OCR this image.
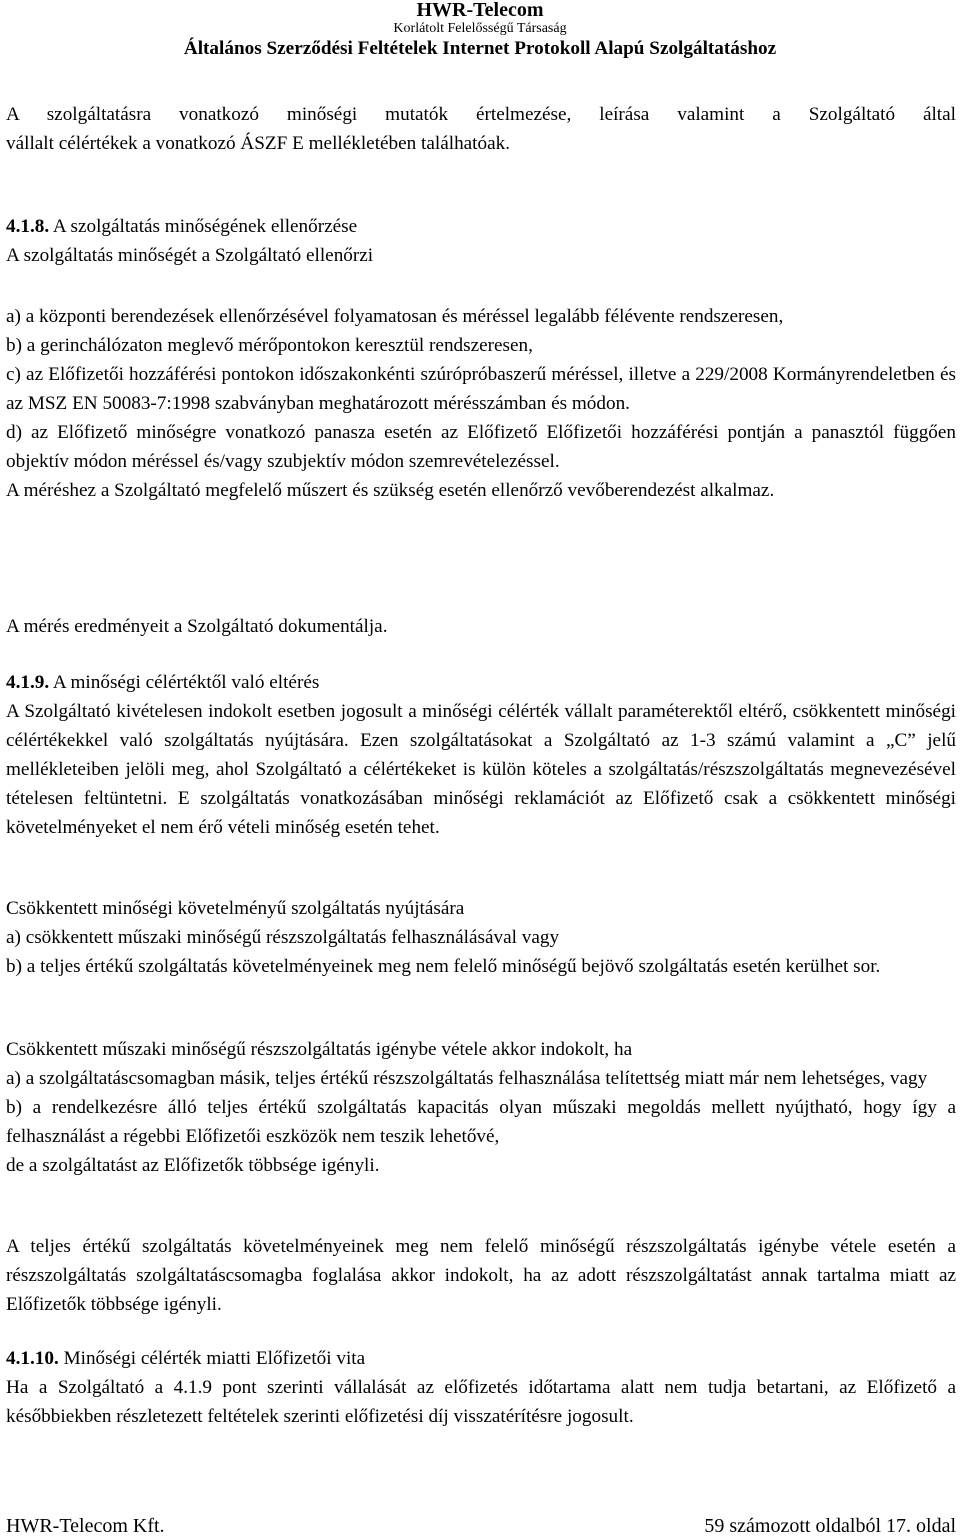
HWR-Telecom
Korlátolt Felelősségű Társaság
Általános Szerződési Feltételek Internet Protokoll Alapú Szolgáltatáshoz

A szolgáltatásra vonatkozó minőségi mutatók értelmezése, leírása valamint a Szolgáltató által

vállalt célértékek a vonatkozó ÁSZF E mellékletében találhatóak.

4.1.8. A szolgáltatás minőségének ellenőrzése

A szolgáltatás minőségét a Szolgáltató ellenőrzi

a) a központi berendezések ellenőrzésével folyamatosan és méréssel legalább félévente rendszeresen,

b) a gerinchálózaton meglevő mérőpontokon keresztül rendszeresen,

c) az Előfizetői hozzáférési pontokon időszakonkénti szúrópróbaszerű méréssel, illetve a 229/2008 Kormányrendeletben és az MSZ EN 50083-7:1998 szabványban meghatározott mérésszámban és módon.

d) az Előfizető minőségre vonatkozó panasza esetén az Előfizető Előfizetői hozzáférési pontján a panasztól függően objektív módon méréssel és/vagy szubjektív módon szemrevételezéssel.

A méréshez a Szolgáltató megfelelő műszert és szükség esetén ellenőrző vevőberendezést alkalmaz.

A mérés eredményeit a Szolgáltató dokumentálja.

4.1.9. A minőségi célértéktől való eltérés

A Szolgáltató kivételesen indokolt esetben jogosult a minőségi célérték vállalt paraméterektől eltérő, csökkentett minőségi célértékekkel való szolgáltatás nyújtására. Ezen szolgáltatásokat a Szolgáltató az 1-3 számú valamint a „C” jelű mellékleteiben jelöli meg, ahol Szolgáltató a célértékeket is külön köteles a szolgáltatás/részszolgáltatás megnevezésével tételesen feltüntetni. E szolgáltatás vonatkozásában minőségi reklamációt az Előfizető csak a csökkentett minőségi követelményeket el nem érő vételi minőség esetén tehet.

Csökkentett minőségi követelményű szolgáltatás nyújtására

a) csökkentett műszaki minőségű részszolgáltatás felhasználásával vagy

b) a teljes értékű szolgáltatás követelményeinek meg nem felelő minőségű bejövő szolgáltatás esetén kerülhet sor.

Csökkentett műszaki minőségű részszolgáltatás igénybe vétele akkor indokolt, ha

a) a szolgáltatáscsomagban másik, teljes értékű részszolgáltatás felhasználása telítettség miatt már nem lehetséges, vagy

b) a rendelkezésre álló teljes értékű szolgáltatás kapacitás olyan műszaki megoldás mellett nyújtható, hogy így a felhasználást a régebbi Előfizetői eszközök nem teszik lehetővé,

de a szolgáltatást az Előfizetők többsége igényli.

A teljes értékű szolgáltatás követelményeinek meg nem felelő minőségű részszolgáltatás igénybe vétele esetén a részszolgáltatás szolgáltatáscsomagba foglalása akkor indokolt, ha az adott részszolgáltatást annak tartalma miatt az Előfizetők többsége igényli.

4.1.10. Minőségi célérték miatti Előfizetői vita

Ha a Szolgáltató a 4.1.9 pont szerinti vállalását az előfizetés időtartama alatt nem tudja betartani, az Előfizető a későbbiekben részletezett feltételek szerinti előfizetési díj visszatérítésre jogosult.

HWR-Telecom Kft.	59 számozott oldalból 17. oldal
